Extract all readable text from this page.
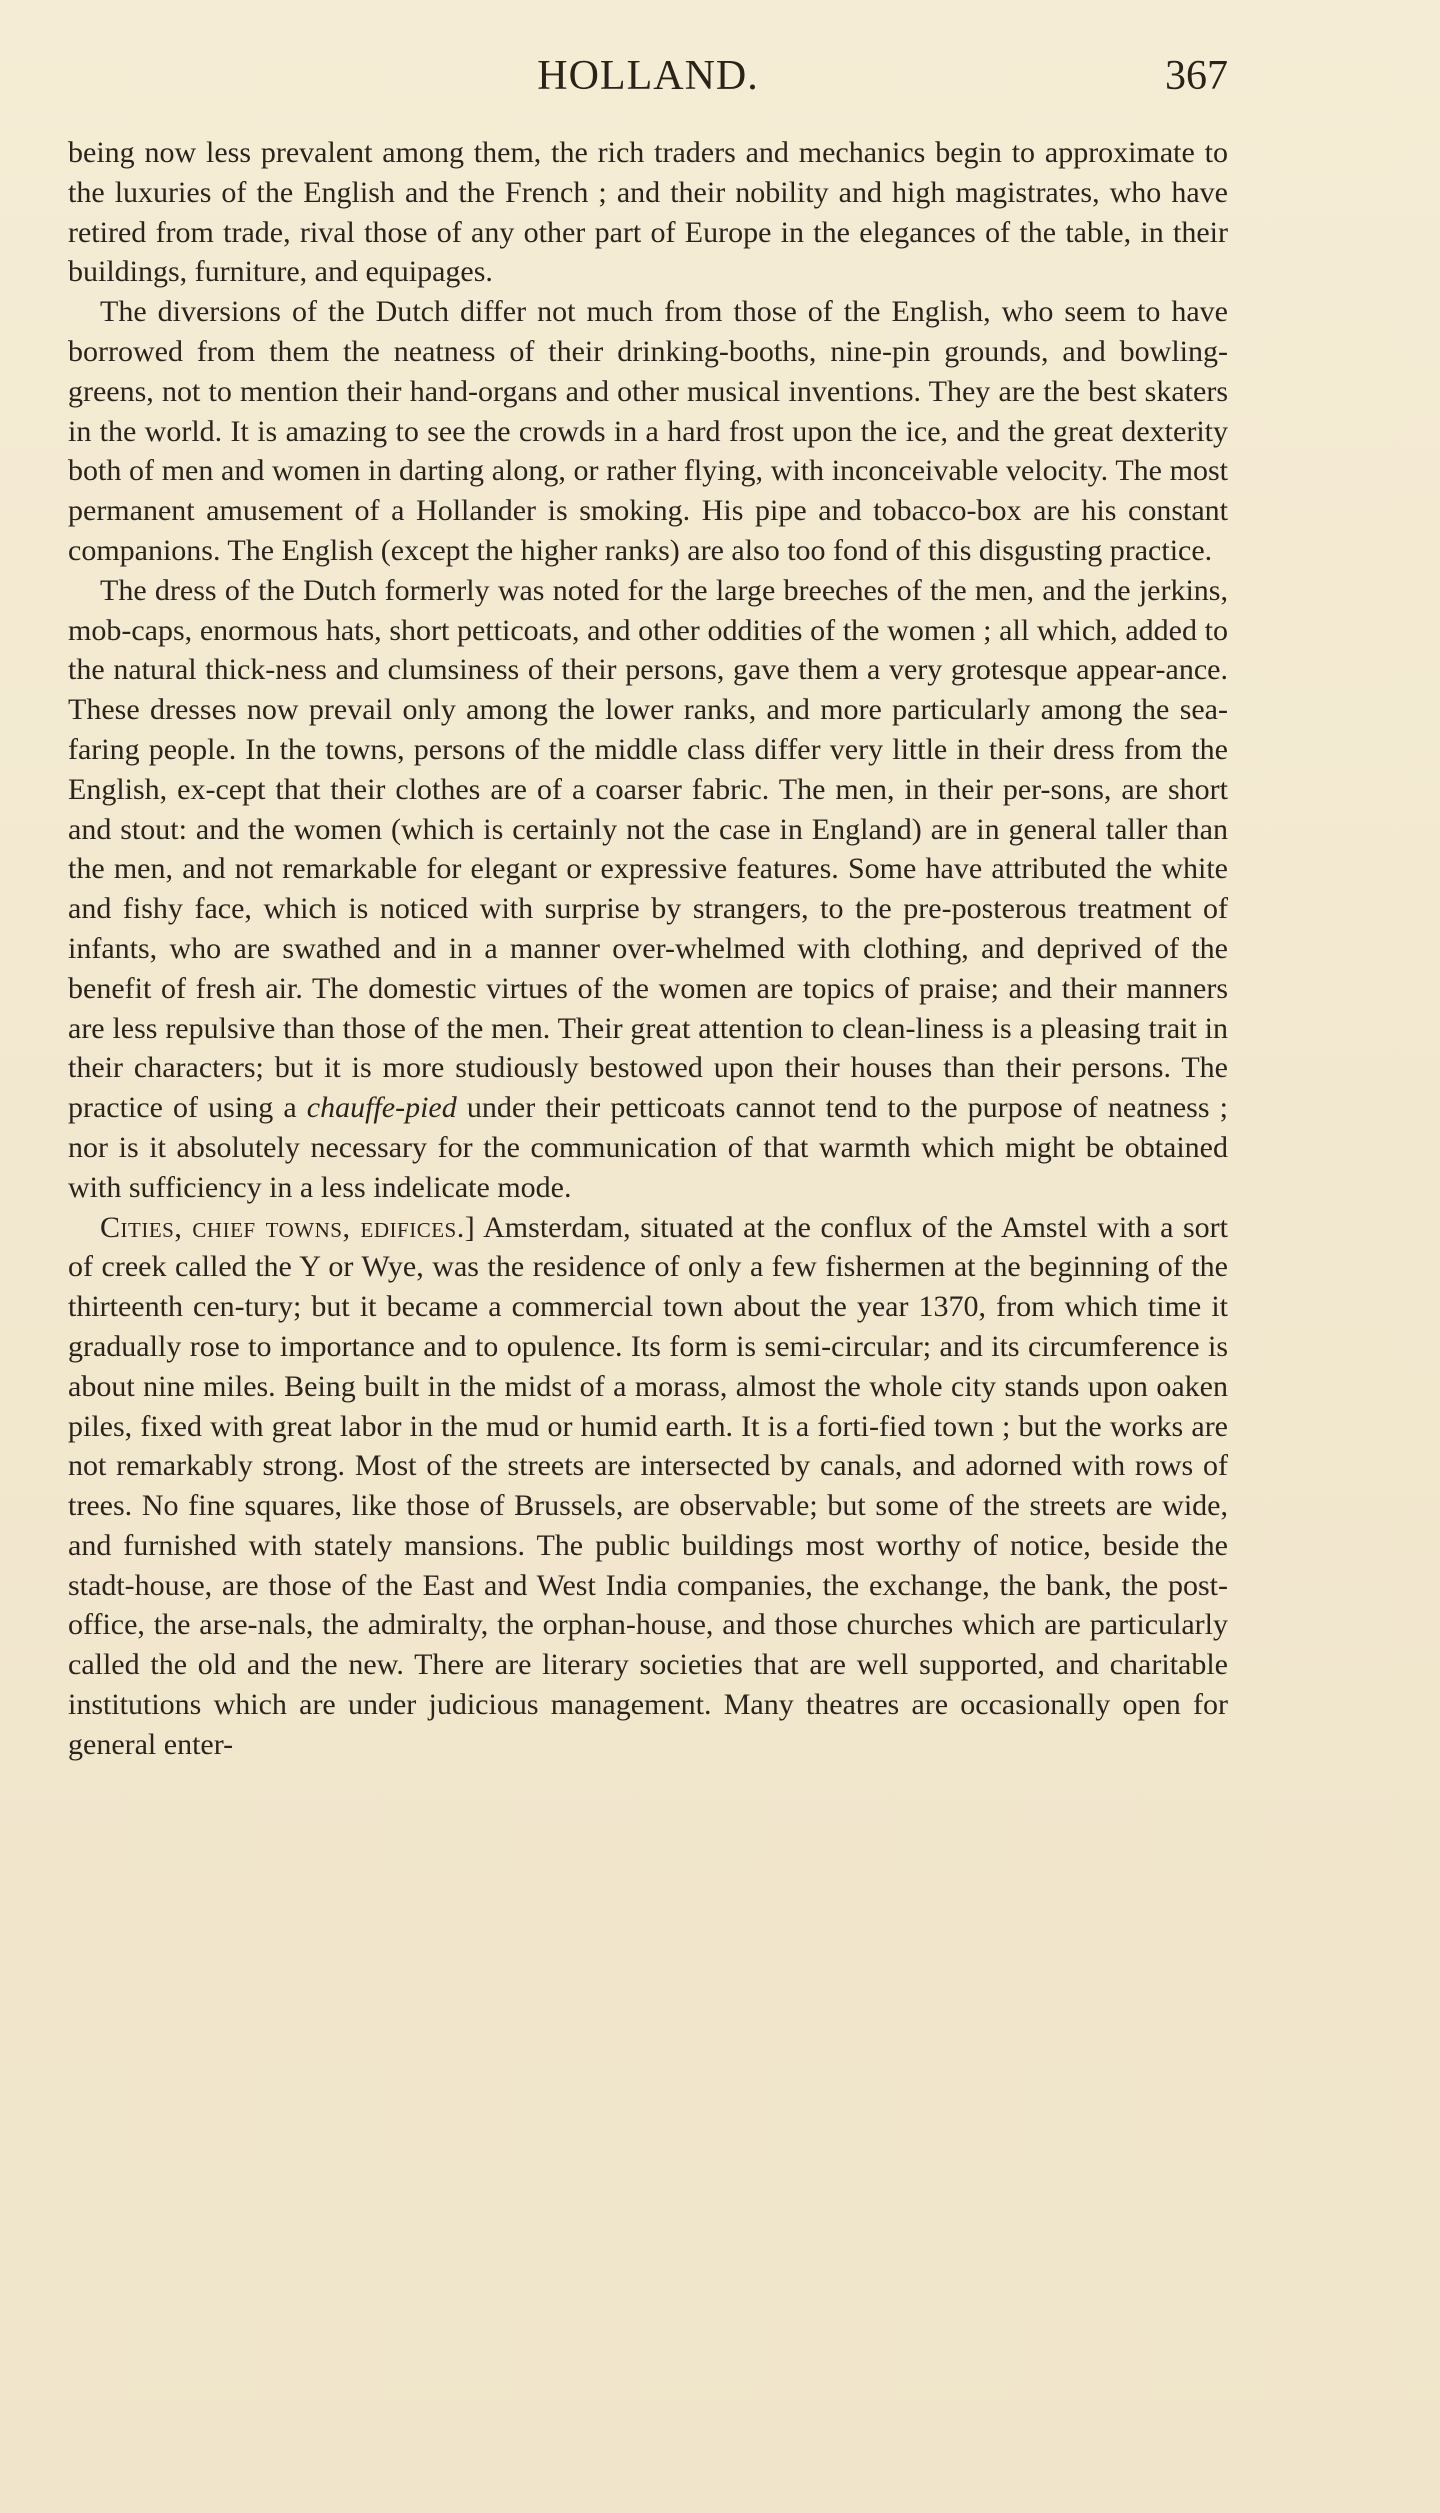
HOLLAND.	367

being now less prevalent among them, the rich traders and mechanics begin to approximate to the luxuries of the English and the French ; and their nobility and high magistrates, who have retired from trade, rival those of any other part of Europe in the elegances of the table, in their buildings, furniture, and equipages.

The diversions of the Dutch differ not much from those of the English, who seem to have borrowed from them the neatness of their drinking-booths, nine-pin grounds, and bowling-greens, not to mention their hand-organs and other musical inventions. They are the best skaters in the world. It is amazing to see the crowds in a hard frost upon the ice, and the great dexterity both of men and women in darting along, or rather flying, with inconceivable velocity. The most permanent amusement of a Hollander is smoking. His pipe and tobacco-box are his constant companions. The English (except the higher ranks) are also too fond of this disgusting practice.

The dress of the Dutch formerly was noted for the large breeches of the men, and the jerkins, mob-caps, enormous hats, short petticoats, and other oddities of the women ; all which, added to the natural thick-ness and clumsiness of their persons, gave them a very grotesque appear-ance. These dresses now prevail only among the lower ranks, and more particularly among the sea-faring people. In the towns, persons of the middle class differ very little in their dress from the English, ex-cept that their clothes are of a coarser fabric. The men, in their per-sons, are short and stout: and the women (which is certainly not the case in England) are in general taller than the men, and not remarkable for elegant or expressive features. Some have attributed the white and fishy face, which is noticed with surprise by strangers, to the pre-posterous treatment of infants, who are swathed and in a manner over-whelmed with clothing, and deprived of the benefit of fresh air. The domestic virtues of the women are topics of praise; and their manners are less repulsive than those of the men. Their great attention to clean-liness is a pleasing trait in their characters; but it is more studiously bestowed upon their houses than their persons. The practice of using a chauffe-pied under their petticoats cannot tend to the purpose of neatness ; nor is it absolutely necessary for the communication of that warmth which might be obtained with sufficiency in a less indelicate mode.

Cities, chief towns, edifices.] Amsterdam, situated at the conflux of the Amstel with a sort of creek called the Y or Wye, was the residence of only a few fishermen at the beginning of the thirteenth cen-tury; but it became a commercial town about the year 1370, from which time it gradually rose to importance and to opulence. Its form is semi-circular; and its circumference is about nine miles. Being built in the midst of a morass, almost the whole city stands upon oaken piles, fixed with great labor in the mud or humid earth. It is a forti-fied town ; but the works are not remarkably strong. Most of the streets are intersected by canals, and adorned with rows of trees. No fine squares, like those of Brussels, are observable; but some of the streets are wide, and furnished with stately mansions. The public buildings most worthy of notice, beside the stadt-house, are those of the East and West India companies, the exchange, the bank, the post-office, the arse-nals, the admiralty, the orphan-house, and those churches which are particularly called the old and the new. There are literary societies that are well supported, and charitable institutions which are under judicious management. Many theatres are occasionally open for general enter-
